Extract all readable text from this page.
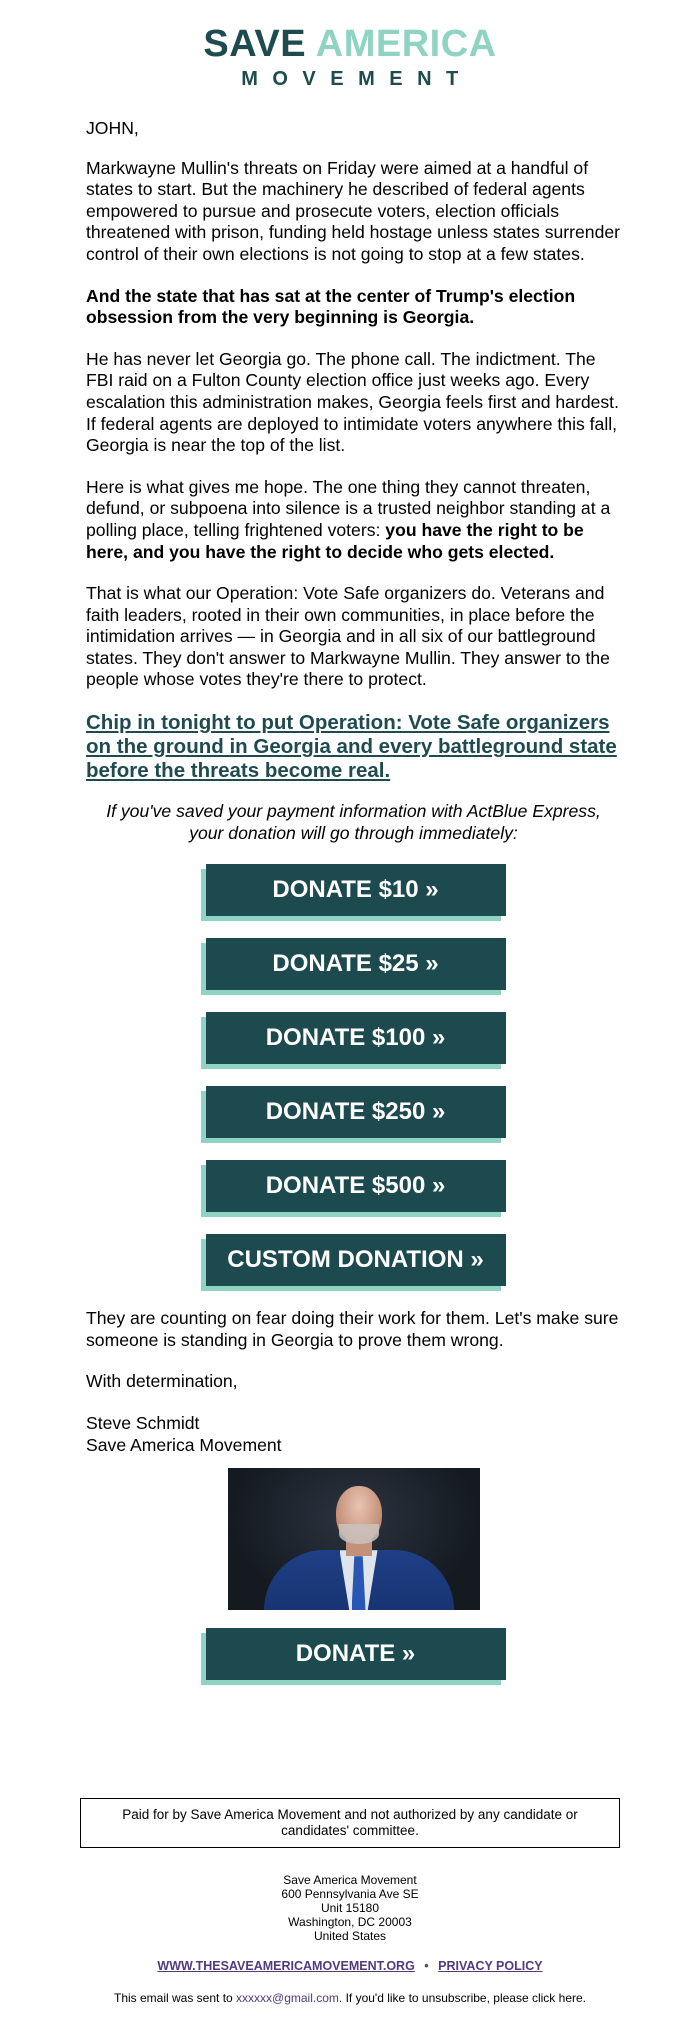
SAVE AMERICA
MOVEMENT

JOHN,

Markwayne Mullin's threats on Friday were aimed at a handful of states to start. But the machinery he described of federal agents empowered to pursue and prosecute voters, election officials threatened with prison, funding held hostage unless states surrender control of their own elections is not going to stop at a few states.

And the state that has sat at the center of Trump's election obsession from the very beginning is Georgia.

He has never let Georgia go. The phone call. The indictment. The FBI raid on a Fulton County election office just weeks ago. Every escalation this administration makes, Georgia feels first and hardest. If federal agents are deployed to intimidate voters anywhere this fall, Georgia is near the top of the list.

Here is what gives me hope. The one thing they cannot threaten, defund, or subpoena into silence is a trusted neighbor standing at a polling place, telling frightened voters: you have the right to be here, and you have the right to decide who gets elected.

That is what our Operation: Vote Safe organizers do. Veterans and faith leaders, rooted in their own communities, in place before the intimidation arrives — in Georgia and in all six of our battleground states. They don't answer to Markwayne Mullin. They answer to the people whose votes they're there to protect.

Chip in tonight to put Operation: Vote Safe organizers on the ground in Georgia and every battleground state before the threats become real.

If you've saved your payment information with ActBlue Express, your donation will go through immediately:

DONATE $10 »
DONATE $25 »
DONATE $100 »
DONATE $250 »
DONATE $500 »
CUSTOM DONATION »

They are counting on fear doing their work for them. Let's make sure someone is standing in Georgia to prove them wrong.

With determination,

Steve Schmidt
Save America Movement

DONATE »
Paid for by Save America Movement and not authorized by any candidate or candidates' committee.
Save America Movement
600 Pennsylvania Ave SE
Unit 15180
Washington, DC 20003
United States
WWW.THESAVEAMERICAMOVEMENT.ORG • PRIVACY POLICY
This email was sent to xxxxxx@gmail.com. If you'd like to unsubscribe, please click here.
